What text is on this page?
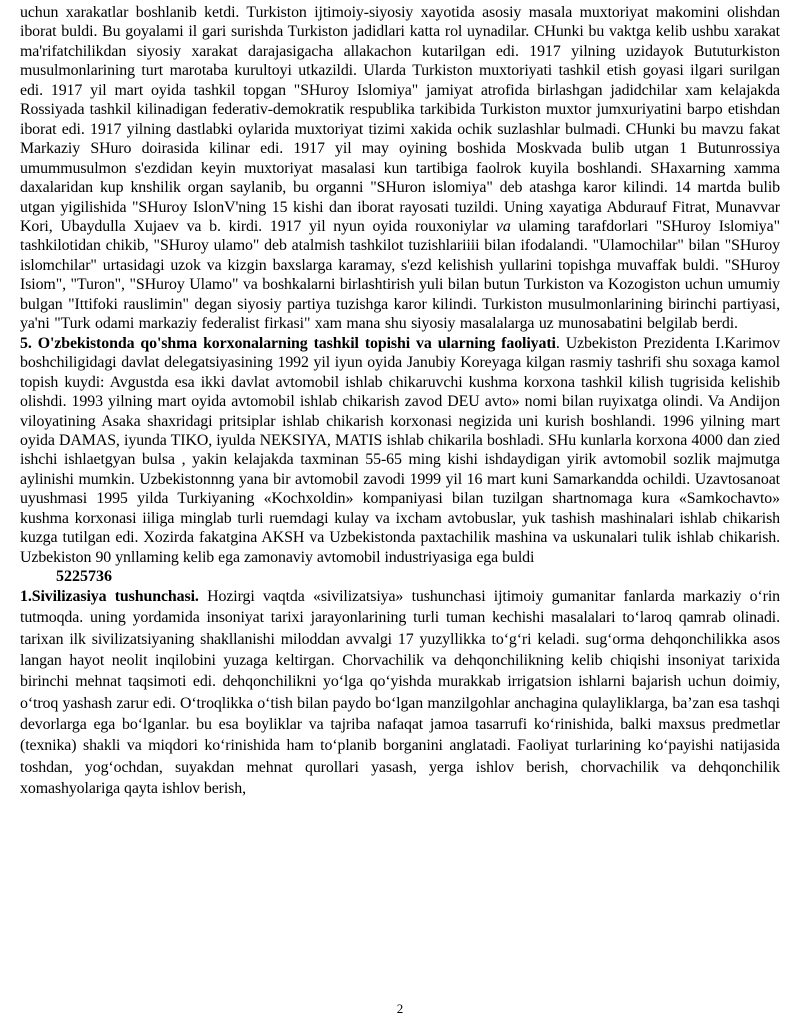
uchun xarakatlar boshlanib ketdi. Turkiston ijtimoiy-siyosiy xayotida asosiy masala muxtoriyat makomini olishdan iborat buldi. Bu goyalami il gari surishda Turkiston jadidlari katta rol uynadilar. CHunki bu vaktga kelib ushbu xarakat ma'rifatchilikdan siyosiy xarakat darajasigacha allakachon kutarilgan edi. 1917 yilning uzidayok Bututurkiston musulmonlarining turt marotaba kurultoyi utkazildi. Ularda Turkiston muxtoriyati tashkil etish goyasi ilgari surilgan edi. 1917 yil mart oyida tashkil topgan "SHuroy Islomiya" jamiyat atrofida birlashgan jadidchilar xam kelajakda Rossiyada tashkil kilinadigan federativ-demokratik respublika tarkibida Turkiston muxtor jumxuriyatini barpo etishdan iborat edi. 1917 yilning dastlabki oylarida muxtoriyat tizimi xakida ochik suzlashlar bulmadi. CHunki bu mavzu fakat Markaziy SHuro doirasida kilinar edi. 1917 yil may oyining boshida Moskvada bulib utgan 1 Butunrossiya umummusulmon s'ezdidan keyin muxtoriyat masalasi kun tartibiga faolrok kuyila boshlandi. SHaxarning xamma daxalaridan kup knshilik organ saylanib, bu organni "SHuron islomiya" deb atashga karor kilindi. 14 martda bulib utgan yigilishida "SHuroy IslonV'ning 15 kishi dan iborat rayosati tuzildi. Uning xayatiga Abdurauf Fitrat, Munavvar Kori, Ubaydulla Xujaev va b. kirdi. 1917 yil nyun oyida rouxoniylar va ulaming tarafdorlari "SHuroy Islomiya" tashkilotidan chikib, "SHuroy ulamo" deb atalmish tashkilot tuzishlariiii bilan ifodalandi. "Ulamochilar" bilan "SHuroy islomchilar" urtasidagi uzok va kizgin baxslarga karamay, s'ezd kelishish yullarini topishga muvaffak buldi. "SHuroy Isiom", "Turon", "SHuroy Ulamo" va boshkalarni birlashtirish yuli bilan butun Turkiston va Kozogiston uchun umumiy bulgan "Ittifoki rauslimin" degan siyosiy partiya tuzishga karor kilindi. Turkiston musulmonlarining birinchi partiyasi, ya'ni "Turk odami markaziy federalist firkasi" xam mana shu siyosiy masalalarga uz munosabatini belgilab berdi.

5. O'zbekistonda qo'shma korxonalarning tashkil topishi va ularning faoliyati. Uzbekiston Prezidenta I.Karimov boshchiligidagi davlat delegatsiyasining 1992 yil iyun oyida Janubiy Koreyaga kilgan rasmiy tashrifi shu soxaga kamol topish kuydi: Avgustda esa ikki davlat avtomobil ishlab chikaruvchi kushma korxona tashkil kilish tugrisida kelishib olishdi. 1993 yilning mart oyida avtomobil ishlab chikarish zavod DEU avto» nomi bilan ruyixatga olindi. Va Andijon viloyatining Asaka shaxridagi pritsiplar ishlab chikarish korxonasi negizida uni kurish boshlandi. 1996 yilning mart oyida DAMAS, iyunda TIKO, iyulda NEKSIYA, MATIS ishlab chikarila boshladi. SHu kunlarla korxona 4000 dan zied ishchi ishlaetgyan bulsa , yakin kelajakda taxminan 55-65 ming kishi ishdaydigan yirik avtomobil sozlik majmutga aylinishi mumkin. Uzbekistonnng yana bir avtomobil zavodi 1999 yil 16 mart kuni Samarkandda ochildi. Uzavtosanoat uyushmasi 1995 yilda Turkiyaning «Kochxoldin» kompaniyasi bilan tuzilgan shartnomaga kura «Samkochavto» kushma korxonasi iiliga minglab turli ruemdagi kulay va ixcham avtobuslar, yuk tashish mashinalari ishlab chikarish kuzga tutilgan edi. Xozirda fakatgina AKSH va Uzbekistonda paxtachilik mashina va uskunalari tulik ishlab chikarish. Uzbekiston 90 ynllaming kelib ega zamonaviy avtomobil industriyasiga ega buldi

5225736

1.Sivilizasiya tushunchasi. Hozirgi vaqtda «sivilizatsiya» tushunchasi ijtimoiy gumanitar fanlarda markaziy oʻrin tutmoqda. uning yordamida insoniyat tarixi jarayonlarining turli tuman kechishi masalalari toʻlaroq qamrab olinadi. tarixan ilk sivilizatsiyaning shakllanishi miloddan avvalgi 17 yuzyllikka toʻgʻri keladi. sugʻorma dehqonchilikka asos langan hayot neolit inqilobini yuzaga keltirgan. Chorvachilik va dehqonchilikning kelib chiqishi insoniyat tarixida birinchi mehnat taqsimoti edi. dehqonchilikni yoʻlga qoʻyishda murakkab irrigatsion ishlarni bajarish uchun doimiy, oʻtroq yashash zarur edi. Oʻtroqlikka oʻtish bilan paydo boʻlgan manzilgohlar anchagina qulayliklarga, baʼzan esa tashqi devorlarga ega boʻlganlar. bu esa boyliklar va tajriba nafaqat jamoa tasarrufi koʻrinishida, balki maxsus predmetlar (texnika) shakli va miqdori koʻrinishida ham toʻplanib borganini anglatadi. Faoliyat turlarining koʻpayishi natijasida toshdan, yogʻochdan, suyakdan mehnat qurollari yasash, yerga ishlov berish, chorvachilik va dehqonchilik xomashyolariga qayta ishlov berish,

2
